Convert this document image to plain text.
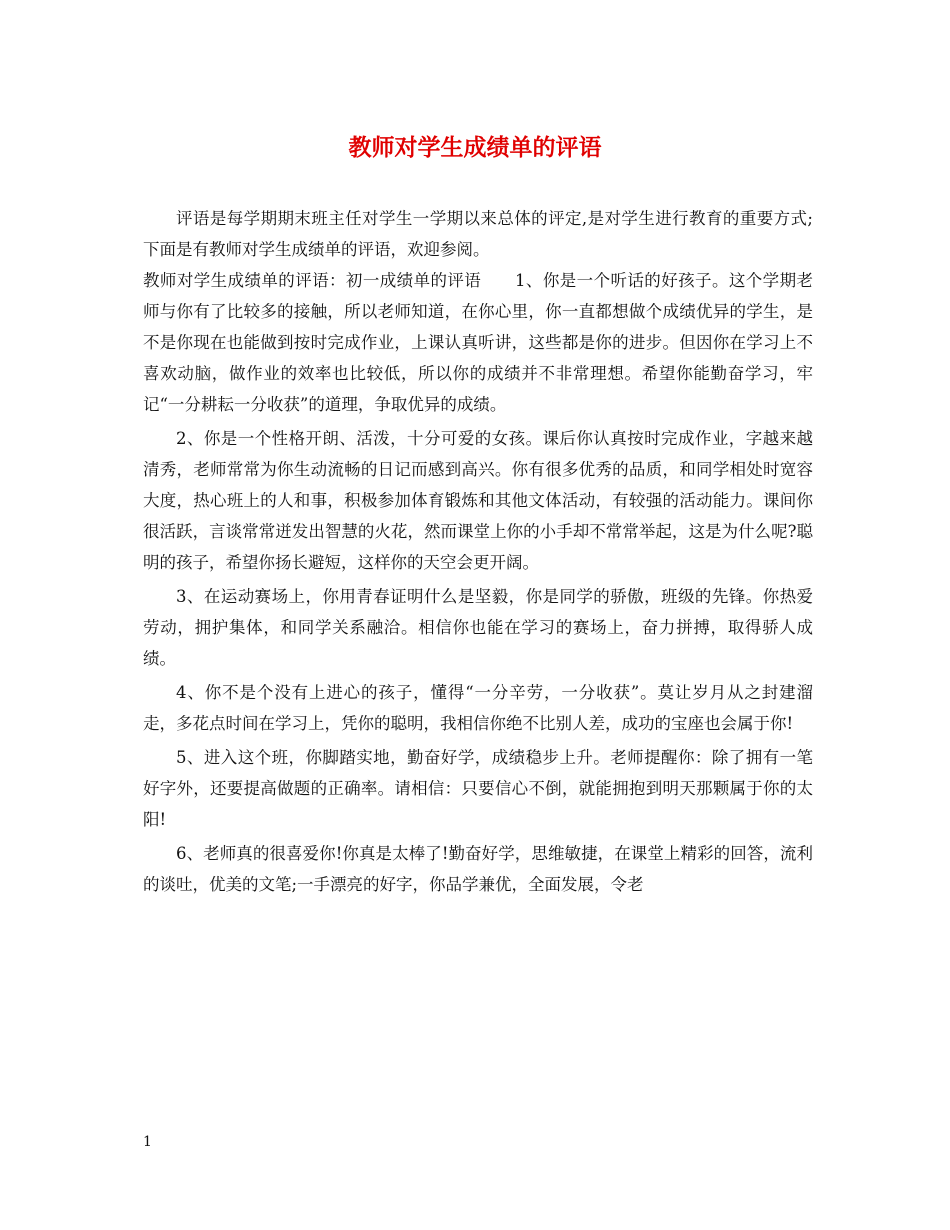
教师对学生成绩单的评语

评语是每学期期末班主任对学生一学期以来总体的评定,是对学生进行教育的重要方式;下面是有教师对学生成绩单的评语，欢迎参阅。

教师对学生成绩单的评语：初一成绩单的评语　　1、你是一个听话的好孩子。这个学期老师与你有了比较多的接触，所以老师知道，在你心里，你一直都想做个成绩优异的学生，是不是你现在也能做到按时完成作业，上课认真听讲，这些都是你的进步。但因你在学习上不喜欢动脑，做作业的效率也比较低，所以你的成绩并不非常理想。希望你能勤奋学习，牢记“一分耕耘一分收获”的道理，争取优异的成绩。

2、你是一个性格开朗、活泼，十分可爱的女孩。课后你认真按时完成作业，字越来越清秀，老师常常为你生动流畅的日记而感到高兴。你有很多优秀的品质，和同学相处时宽容大度，热心班上的人和事，积极参加体育锻炼和其他文体活动，有较强的活动能力。课间你很活跃，言谈常常迸发出智慧的火花，然而课堂上你的小手却不常常举起，这是为什么呢?聪明的孩子，希望你扬长避短，这样你的天空会更开阔。

3、在运动赛场上，你用青春证明什么是坚毅，你是同学的骄傲，班级的先锋。你热爱劳动，拥护集体，和同学关系融洽。相信你也能在学习的赛场上，奋力拼搏，取得骄人成绩。

4、你不是个没有上进心的孩子，懂得“一分辛劳，一分收获”。莫让岁月从之封建溜走，多花点时间在学习上，凭你的聪明，我相信你绝不比别人差，成功的宝座也会属于你!

5、进入这个班，你脚踏实地，勤奋好学，成绩稳步上升。老师提醒你：除了拥有一笔好字外，还要提高做题的正确率。请相信：只要信心不倒，就能拥抱到明天那颗属于你的太阳!

6、老师真的很喜爱你!你真是太棒了!勤奋好学，思维敏捷，在课堂上精彩的回答，流利的谈吐，优美的文笔;一手漂亮的好字，你品学兼优，全面发展，令老

1
